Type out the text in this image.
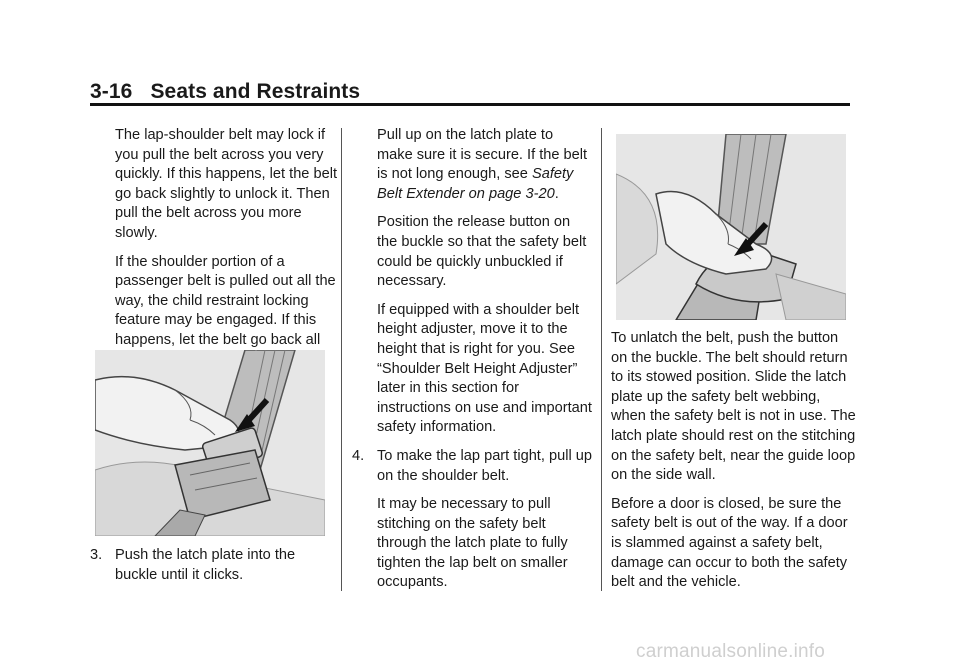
3-16 Seats and Restraints

The lap-shoulder belt may lock if you pull the belt across you very quickly. If this happens, let the belt go back slightly to unlock it. Then pull the belt across you more slowly.

If the shoulder portion of a passenger belt is pulled out all the way, the child restraint locking feature may be engaged. If this happens, let the belt go back all

3. Push the latch plate into the buckle until it clicks.

Pull up on the latch plate to make sure it is secure. If the belt is not long enough, see Safety Belt Extender on page 3-20.

Position the release button on the buckle so that the safety belt could be quickly unbuckled if necessary.

If equipped with a shoulder belt height adjuster, move it to the height that is right for you. See “Shoulder Belt Height Adjuster” later in this section for instructions on use and important safety information.

4. To make the lap part tight, pull up on the shoulder belt.

It may be necessary to pull stitching on the safety belt through the latch plate to fully tighten the lap belt on smaller occupants.

To unlatch the belt, push the button on the buckle. The belt should return to its stowed position. Slide the latch plate up the safety belt webbing, when the safety belt is not in use. The latch plate should rest on the stitching on the safety belt, near the guide loop on the side wall.

Before a door is closed, be sure the safety belt is out of the way. If a door is slammed against a safety belt, damage can occur to both the safety belt and the vehicle.

carmanualsonline.info
